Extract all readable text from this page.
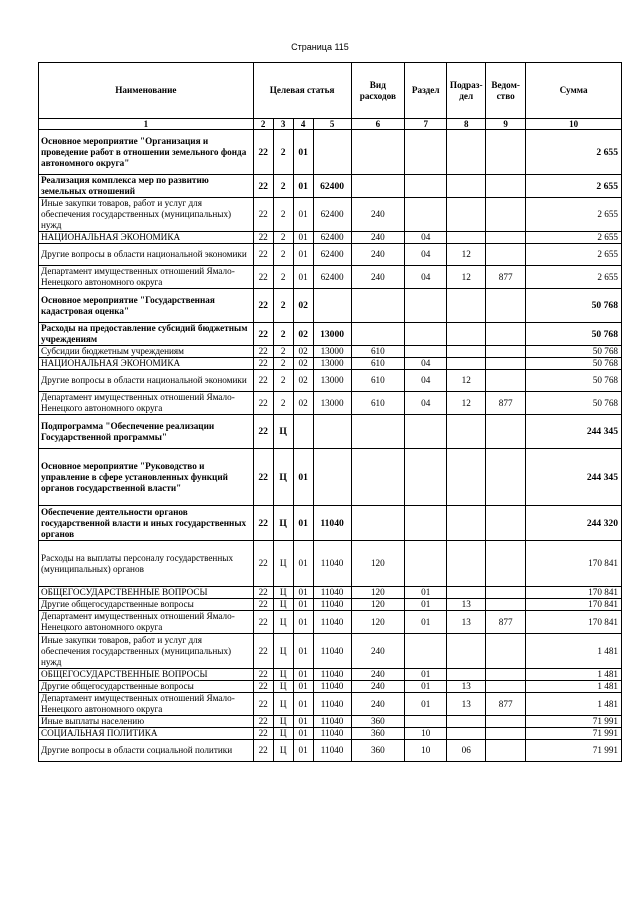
Страница 115
Наименование	Целевая статья				Вид расходов	Раздел	Подраз-дел	Ведом-ство	Сумма
1	2	3	4	5	6	7	8	9	10
Основное мероприятие "Организация и проведение работ в отношении земельного фонда автономного округа"	22	2	01						2 655
Реализация комплекса мер по развитию земельных отношений	22	2	01	62400					2 655
Иные закупки товаров, работ и услуг для обеспечения государственных (муниципальных) нужд	22	2	01	62400	240				2 655
НАЦИОНАЛЬНАЯ ЭКОНОМИКА	22	2	01	62400	240	04			2 655
Другие вопросы в области национальной экономики	22	2	01	62400	240	04	12		2 655
Департамент имущественных отношений Ямало-Ненецкого автономного округа	22	2	01	62400	240	04	12	877	2 655
Основное мероприятие "Государственная кадастровая оценка"	22	2	02						50 768
Расходы на предоставление субсидий бюджетным учреждениям	22	2	02	13000					50 768
Субсидии бюджетным учреждениям	22	2	02	13000	610				50 768
НАЦИОНАЛЬНАЯ ЭКОНОМИКА	22	2	02	13000	610	04			50 768
Другие вопросы в области национальной экономики	22	2	02	13000	610	04	12		50 768
Департамент имущественных отношений Ямало-Ненецкого автономного округа	22	2	02	13000	610	04	12	877	50 768
Подпрограмма "Обеспечение реализации Государственной программы"	22	Ц							244 345
Основное мероприятие "Руководство и управление в сфере установленных функций органов государственной власти"	22	Ц	01						244 345
Обеспечение деятельности органов государственной власти и иных государственных органов	22	Ц	01	11040					244 320
Расходы на выплаты персоналу государственных (муниципальных) органов	22	Ц	01	11040	120				170 841
ОБЩЕГОСУДАРСТВЕННЫЕ ВОПРОСЫ	22	Ц	01	11040	120	01			170 841
Другие общегосударственные вопросы	22	Ц	01	11040	120	01	13		170 841
Департамент имущественных отношений Ямало-Ненецкого автономного округа	22	Ц	01	11040	120	01	13	877	170 841
Иные закупки товаров, работ и услуг для обеспечения государственных (муниципальных) нужд	22	Ц	01	11040	240				1 481
ОБЩЕГОСУДАРСТВЕННЫЕ ВОПРОСЫ	22	Ц	01	11040	240	01			1 481
Другие общегосударственные вопросы	22	Ц	01	11040	240	01	13		1 481
Департамент имущественных отношений Ямало-Ненецкого автономного округа	22	Ц	01	11040	240	01	13	877	1 481
Иные выплаты населению	22	Ц	01	11040	360				71 991
СОЦИАЛЬНАЯ ПОЛИТИКА	22	Ц	01	11040	360	10			71 991
Другие вопросы в области социальной политики	22	Ц	01	11040	360	10	06		71 991
